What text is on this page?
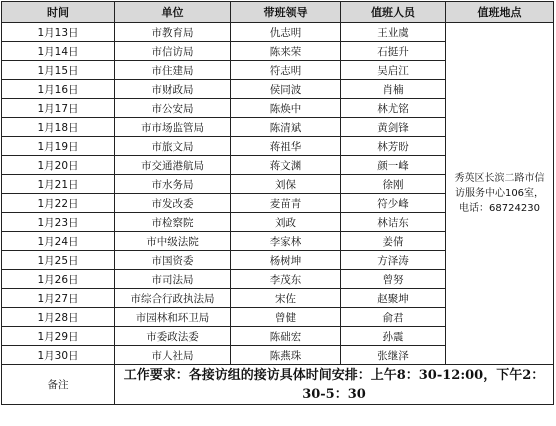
时间	单位	带班领导	值班人员	值班地点
1月13日	市教育局	仇志明	王业虞	秀英区长滨二路市信访服务中心106室，电话：68724230
1月14日	市信访局	陈来荣	石挺升	
1月15日	市住建局	符志明	吴启江	
1月16日	市财政局	侯同波	肖楠	
1月17日	市公安局	陈焕中	林尤铭	
1月18日	市市场监管局	陈清斌	黄剑锋	
1月19日	市旅文局	蒋祖华	林芳盼	
1月20日	市交通港航局	蒋文渊	颜一峰	
1月21日	市水务局	刘保	徐刚	
1月22日	市发改委	麦苗青	符少峰	
1月23日	市检察院	刘政	林诘东	
1月24日	市中级法院	李家林	姜倩	
1月25日	市国资委	杨树坤	方泽涛	
1月26日	市司法局	李茂东	曾努	
1月27日	市综合行政执法局	宋佐	赵聚坤	
1月28日	市园林和环卫局	曾健	俞君	
1月29日	市委政法委	陈础宏	孙震	
1月30日	市人社局	陈燕珠	张继泽	
备注	工作要求：各接访组的接访具体时间安排：上午8：30-12:00，下午2：30-5：30			
